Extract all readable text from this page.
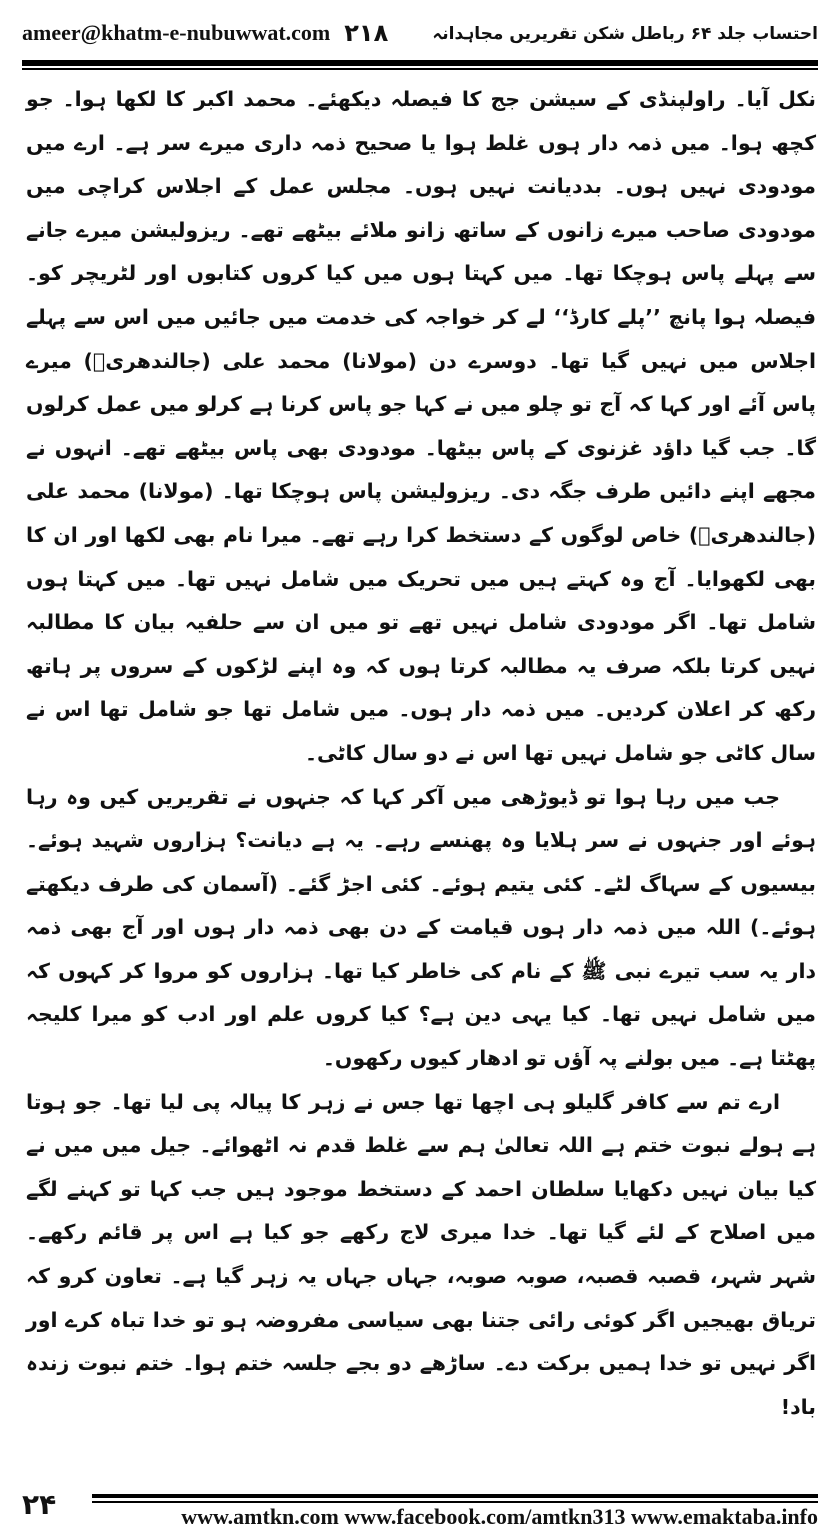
ameer@khatm-e-nubuwwat.com ۲۱۸	احتساب جلد ۶۴ رباطل شکن تقریریں مجاہدانہ

نکل آیا۔ راولپنڈی کے سیشن جج کا فیصلہ دیکھئے۔ محمد اکبر کا لکھا ہوا۔ جو کچھ ہوا۔ میں ذمہ دار ہوں غلط ہوا یا صحیح ذمہ داری میرے سر ہے۔ ارے میں مودودی نہیں ہوں۔ بددیانت نہیں ہوں۔ مجلس عمل کے اجلاس کراچی میں مودودی صاحب میرے زانوں کے ساتھ زانو ملائے بیٹھے تھے۔ ریزولیشن میرے جانے سے پہلے پاس ہوچکا تھا۔ میں کہتا ہوں میں کیا کروں کتابوں اور لٹریچر کو۔ فیصلہ ہوا پانچ ’’پلے کارڈ‘‘ لے کر خواجہ کی خدمت میں جائیں میں اس سے پہلے اجلاس میں نہیں گیا تھا۔ دوسرے دن (مولانا) محمد علی (جالندھریؒ) میرے پاس آئے اور کہا کہ آج تو چلو میں نے کہا جو پاس کرنا ہے کرلو میں عمل کرلوں گا۔ جب گیا داؤد غزنوی کے پاس بیٹھا۔ مودودی بھی پاس بیٹھے تھے۔ انہوں نے مجھے اپنے دائیں طرف جگہ دی۔ ریزولیشن پاس ہوچکا تھا۔ (مولانا) محمد علی (جالندھریؒ) خاص لوگوں کے دستخط کرا رہے تھے۔ میرا نام بھی لکھا اور ان کا بھی لکھوایا۔ آج وہ کہتے ہیں میں تحریک میں شامل نہیں تھا۔ میں کہتا ہوں شامل تھا۔ اگر مودودی شامل نہیں تھے تو میں ان سے حلفیہ بیان کا مطالبہ نہیں کرتا بلکہ صرف یہ مطالبہ کرتا ہوں کہ وہ اپنے لڑکوں کے سروں پر ہاتھ رکھ کر اعلان کردیں۔ میں ذمہ دار ہوں۔ میں شامل تھا جو شامل تھا اس نے سال کاٹی جو شامل نہیں تھا اس نے دو سال کاٹی۔

جب میں رہا ہوا تو ڈیوڑھی میں آکر کہا کہ جنہوں نے تقریریں کیں وہ رہا ہوئے اور جنہوں نے سر ہلایا وہ پھنسے رہے۔ یہ ہے دیانت؟ ہزاروں شہید ہوئے۔ بیسیوں کے سہاگ لٹے۔ کئی یتیم ہوئے۔ کئی اجڑ گئے۔ (آسمان کی طرف دیکھتے ہوئے۔) اللہ میں ذمہ دار ہوں قیامت کے دن بھی ذمہ دار ہوں اور آج بھی ذمہ دار یہ سب تیرے نبی ﷺ کے نام کی خاطر کیا تھا۔ ہزاروں کو مروا کر کہوں کہ میں شامل نہیں تھا۔ کیا یہی دین ہے؟ کیا کروں علم اور ادب کو میرا کلیجہ پھٹتا ہے۔ میں بولنے پہ آؤں تو ادھار کیوں رکھوں۔

ارے تم سے کافر گلیلو ہی اچھا تھا جس نے زہر کا پیالہ پی لیا تھا۔ جو ہوتا ہے ہولے نبوت ختم ہے اللہ تعالیٰ ہم سے غلط قدم نہ اٹھوائے۔ جیل میں میں نے کیا بیان نہیں دکھایا سلطان احمد کے دستخط موجود ہیں جب کہا تو کہنے لگے میں اصلاح کے لئے گیا تھا۔ خدا میری لاج رکھے جو کیا ہے اس پر قائم رکھے۔ شہر شہر، قصبہ قصبہ، صوبہ صوبہ، جہاں جہاں یہ زہر گیا ہے۔ تعاون کرو کہ تریاق بھیجیں اگر کوئی رائی جتنا بھی سیاسی مفروضہ ہو تو خدا تباہ کرے اور اگر نہیں تو خدا ہمیں برکت دے۔ ساڑھے دو بجے جلسہ ختم ہوا۔ ختم نبوت زندہ باد!

۲۴	www.amtkn.com www.facebook.com/amtkn313 www.emaktaba.info
